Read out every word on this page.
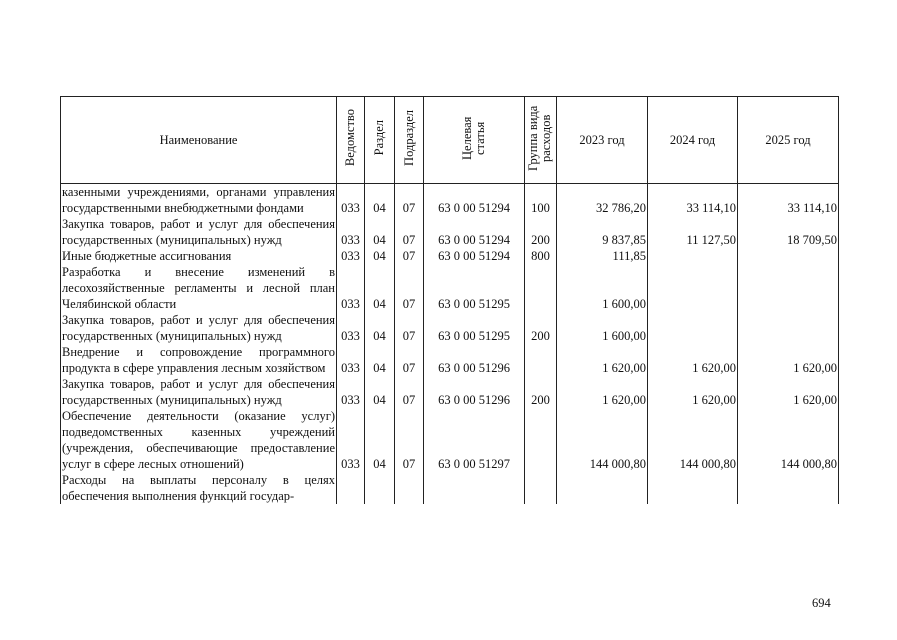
Наименование	Ведомство	Раздел	Подраздел	Целевая статья	Группа вида расходов	2023 год	2024 год	2025 год
казенными учреждениями, органами управления государственными внебюджетными фондами	033	04	07	63 0 00 51294	100	32 786,20	33 114,10	33 114,10
Закупка товаров, работ и услуг для обеспечения государственных (муниципальных) нужд	033	04	07	63 0 00 51294	200	9 837,85	11 127,50	18 709,50
Иные бюджетные ассигнования	033	04	07	63 0 00 51294	800	111,85		
Разработка и внесение изменений в лесохозяйственные регламенты и лесной план Челябинской области	033	04	07	63 0 00 51295		1 600,00		
Закупка товаров, работ и услуг для обеспечения государственных (муниципальных) нужд	033	04	07	63 0 00 51295	200	1 600,00		
Внедрение и сопровождение программного продукта в сфере управления лесным хозяйством	033	04	07	63 0 00 51296		1 620,00	1 620,00	1 620,00
Закупка товаров, работ и услуг для обеспечения государственных (муниципальных) нужд	033	04	07	63 0 00 51296	200	1 620,00	1 620,00	1 620,00
Обеспечение деятельности (оказание услуг) подведомственных казенных учреждений (учреждения, обеспечивающие предоставление услуг в сфере лесных отношений)	033	04	07	63 0 00 51297		144 000,80	144 000,80	144 000,80
Расходы на выплаты персоналу в целях обеспечения выполнения функций государ-								
694
